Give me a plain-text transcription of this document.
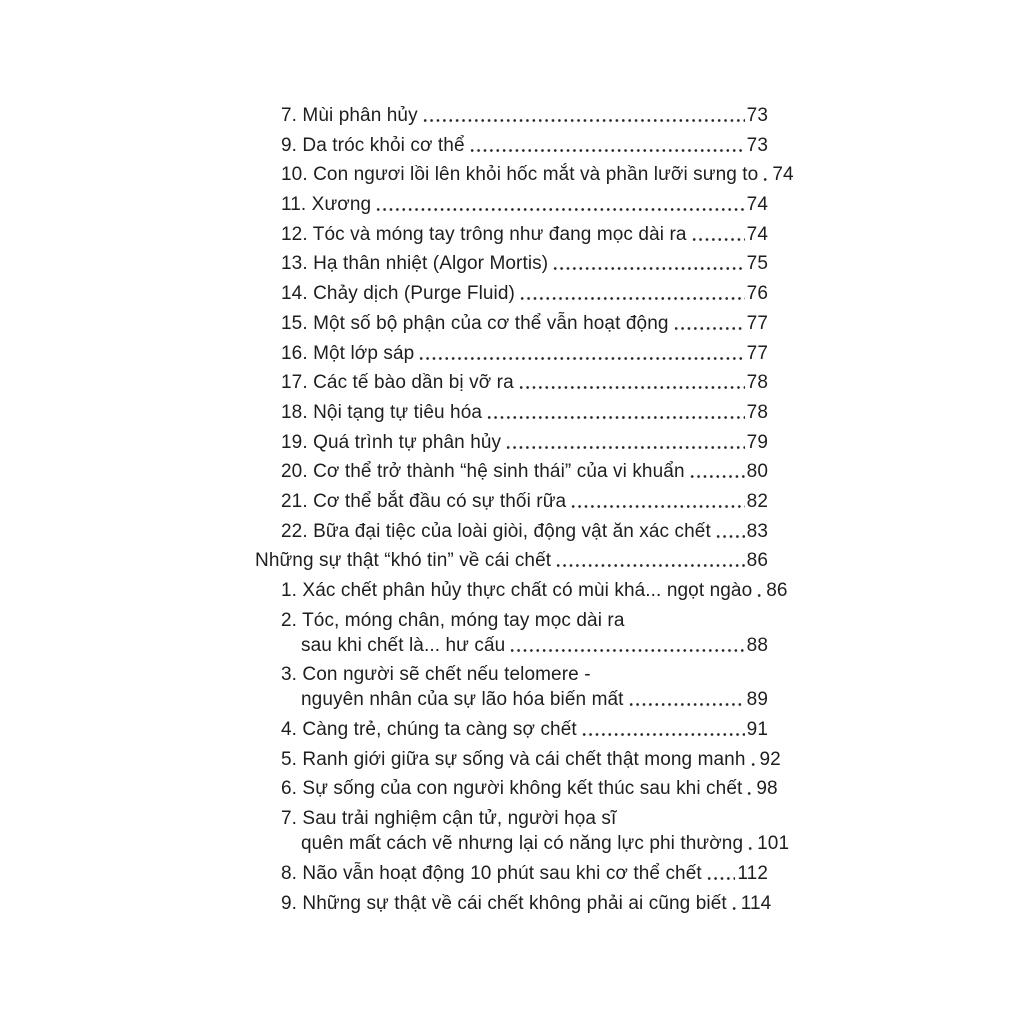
7. Mùi phân hủy	73
9. Da tróc khỏi cơ thể	73
10. Con ngươi lồi lên khỏi hốc mắt và phần lưỡi sưng to 74
11. Xương	74
12. Tóc và móng tay trông như đang mọc dài ra	74
13. Hạ thân nhiệt (Algor Mortis)	75
14. Chảy dịch (Purge Fluid)	76
15. Một số bộ phận của cơ thể vẫn hoạt động	77
16. Một lớp sáp	77
17. Các tế bào dần bị vỡ ra	78
18. Nội tạng tự tiêu hóa	78
19. Quá trình tự phân hủy	79
20. Cơ thể trở thành “hệ sinh thái” của vi khuẩn	80
21. Cơ thể bắt đầu có sự thối rữa	82
22. Bữa đại tiệc của loài giòi, động vật ăn xác chết 83
Những sự thật “khó tin” về cái chết	86
1. Xác chết phân hủy thực chất có mùi khá... ngọt ngào 86
2. Tóc, móng chân, móng tay mọc dài ra
sau khi chết là... hư cấu	88
3. Con người sẽ chết nếu telomere -
nguyên nhân của sự lão hóa biến mất	89
4. Càng trẻ, chúng ta càng sợ chết	91
5. Ranh giới giữa sự sống và cái chết thật mong manh 92
6. Sự sống của con người không kết thúc sau khi chết 98
7. Sau trải nghiệm cận tử, người họa sĩ
quên mất cách vẽ nhưng lại có năng lực phi thường 101
8. Não vẫn hoạt động 10 phút sau khi cơ thể chết 112
9. Những sự thật về cái chết không phải ai cũng biết 114
